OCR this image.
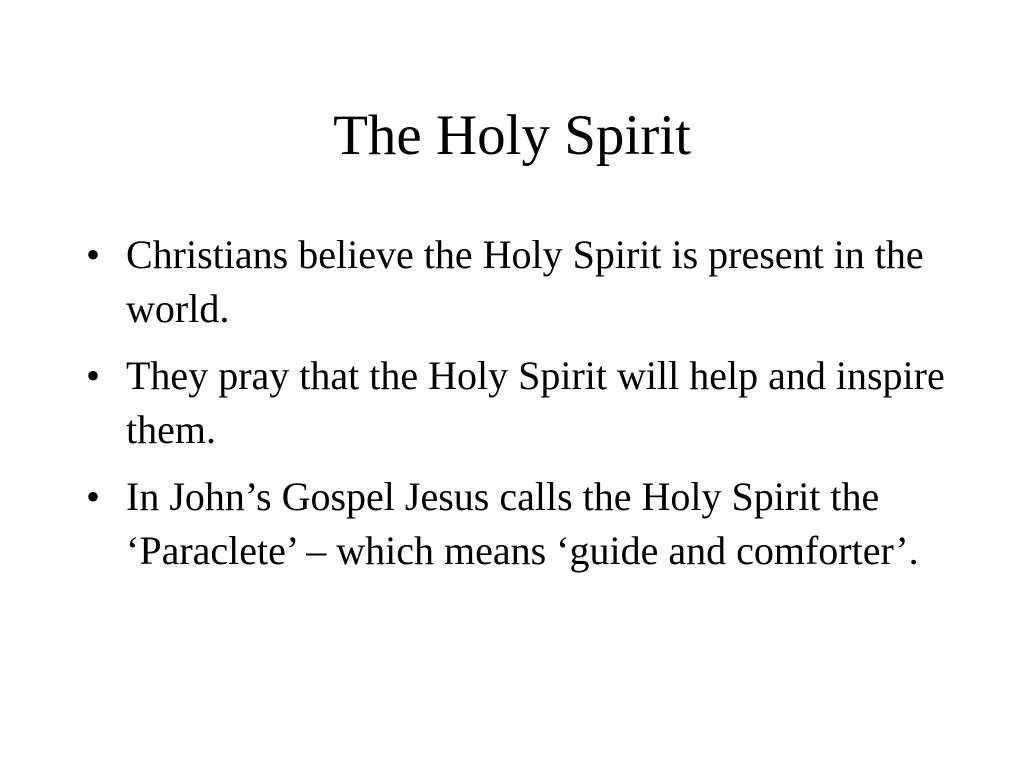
The Holy Spirit
• Christians believe the Holy Spirit is present in the world.
• They pray that the Holy Spirit will help and inspire them.
• In John’s Gospel Jesus calls the Holy Spirit the ‘Paraclete’ – which means ‘guide and comforter’.
